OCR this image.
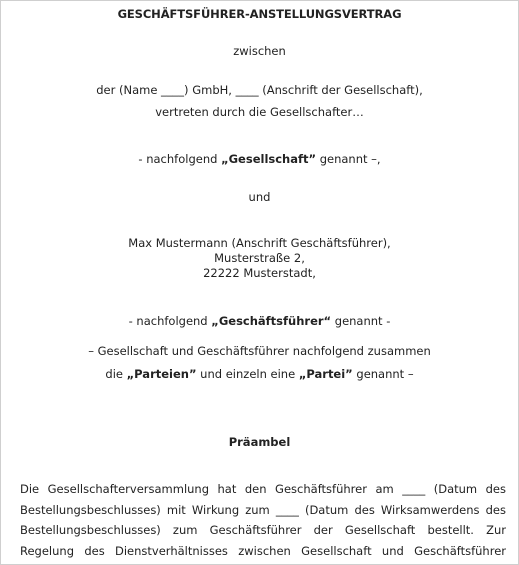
GESCHÄFTSFÜHRER-ANSTELLUNGSVERTRAG
zwischen
der (Name ____) GmbH, ____ (Anschrift der Gesellschaft),
vertreten durch die Gesellschafter…
- nachfolgend „Gesellschaft” genannt –,
und
Max Mustermann (Anschrift Geschäftsführer),
Musterstraße 2,
22222 Musterstadt,
- nachfolgend „Geschäftsführer“ genannt -
– Gesellschaft und Geschäftsführer nachfolgend zusammen
die „Parteien” und einzeln eine „Partei” genannt –
Präambel
Die Gesellschafterversammlung hat den Geschäftsführer am ____ (Datum des
Bestellungsbeschlusses) mit Wirkung zum ____ (Datum des Wirksamwerdens des
Bestellungsbeschlusses) zum Geschäftsführer der Gesellschaft bestellt. Zur
Regelung des Dienstverhältnisses zwischen Gesellschaft und Geschäftsführer
